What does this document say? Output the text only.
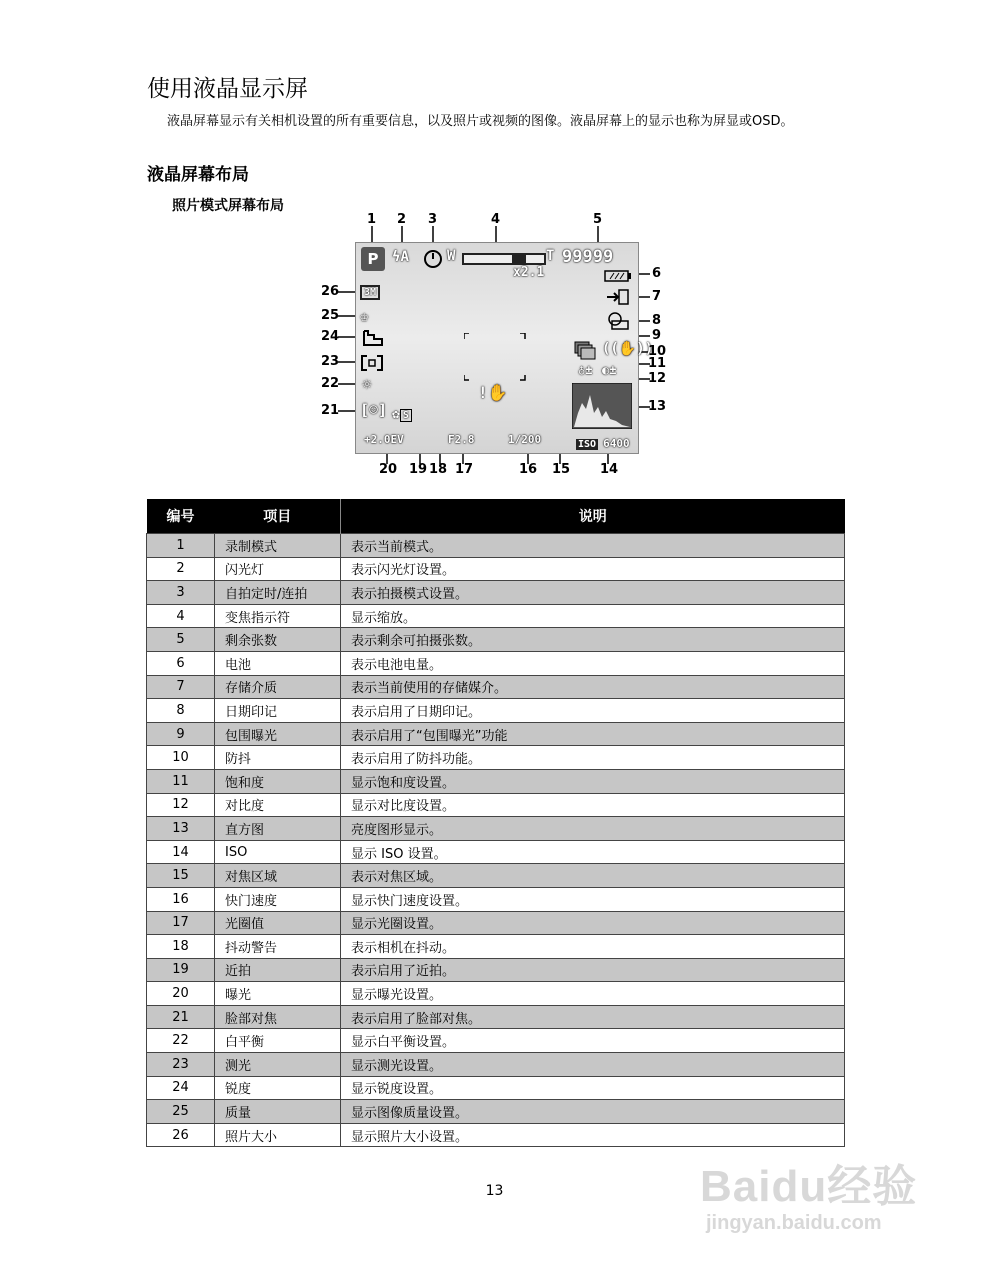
使用液晶显示屏

液晶屏幕显示有关相机设置的所有重要信息，以及照片或视频的图像。液晶屏幕上的显示也称为屏显或OSD。

液晶屏幕布局
照片模式屏幕布局
P ϟA	W	T 99999
x2.1
((✋))
♁± ◐±
3M
♔
☼
[☺] ✿ S
!✋
+2.0EV	F2.8	1/200	ISO 6400
1 2 3	4	5
6
7
8
9
10
11
12
13
14
15
16
17
18
19
20
21
22
23
24
25
26
编号	项目	说明
1	录制模式	表示当前模式。
2	闪光灯	表示闪光灯设置。
3	自拍定时/连拍	表示拍摄模式设置。
4	变焦指示符	显示缩放。
5	剩余张数	表示剩余可拍摄张数。
6	电池	表示电池电量。
7	存储介质	表示当前使用的存储媒介。
8	日期印记	表示启用了日期印记。
9	包围曝光	表示启用了“包围曝光”功能
10	防抖	表示启用了防抖功能。
11	饱和度	显示饱和度设置。
12	对比度	显示对比度设置。
13	直方图	亮度图形显示。
14	ISO	显示 ISO 设置。
15	对焦区域	表示对焦区域。
16	快门速度	显示快门速度设置。
17	光圈值	显示光圈设置。
18	抖动警告	表示相机在抖动。
19	近拍	表示启用了近拍。
20	曝光	显示曝光设置。
21	脸部对焦	表示启用了脸部对焦。
22	白平衡	显示白平衡设置。
23	测光	显示测光设置。
24	锐度	显示锐度设置。
25	质量	显示图像质量设置。
26	照片大小	显示照片大小设置。
13	Baidu经验
jingyan.baidu.com
